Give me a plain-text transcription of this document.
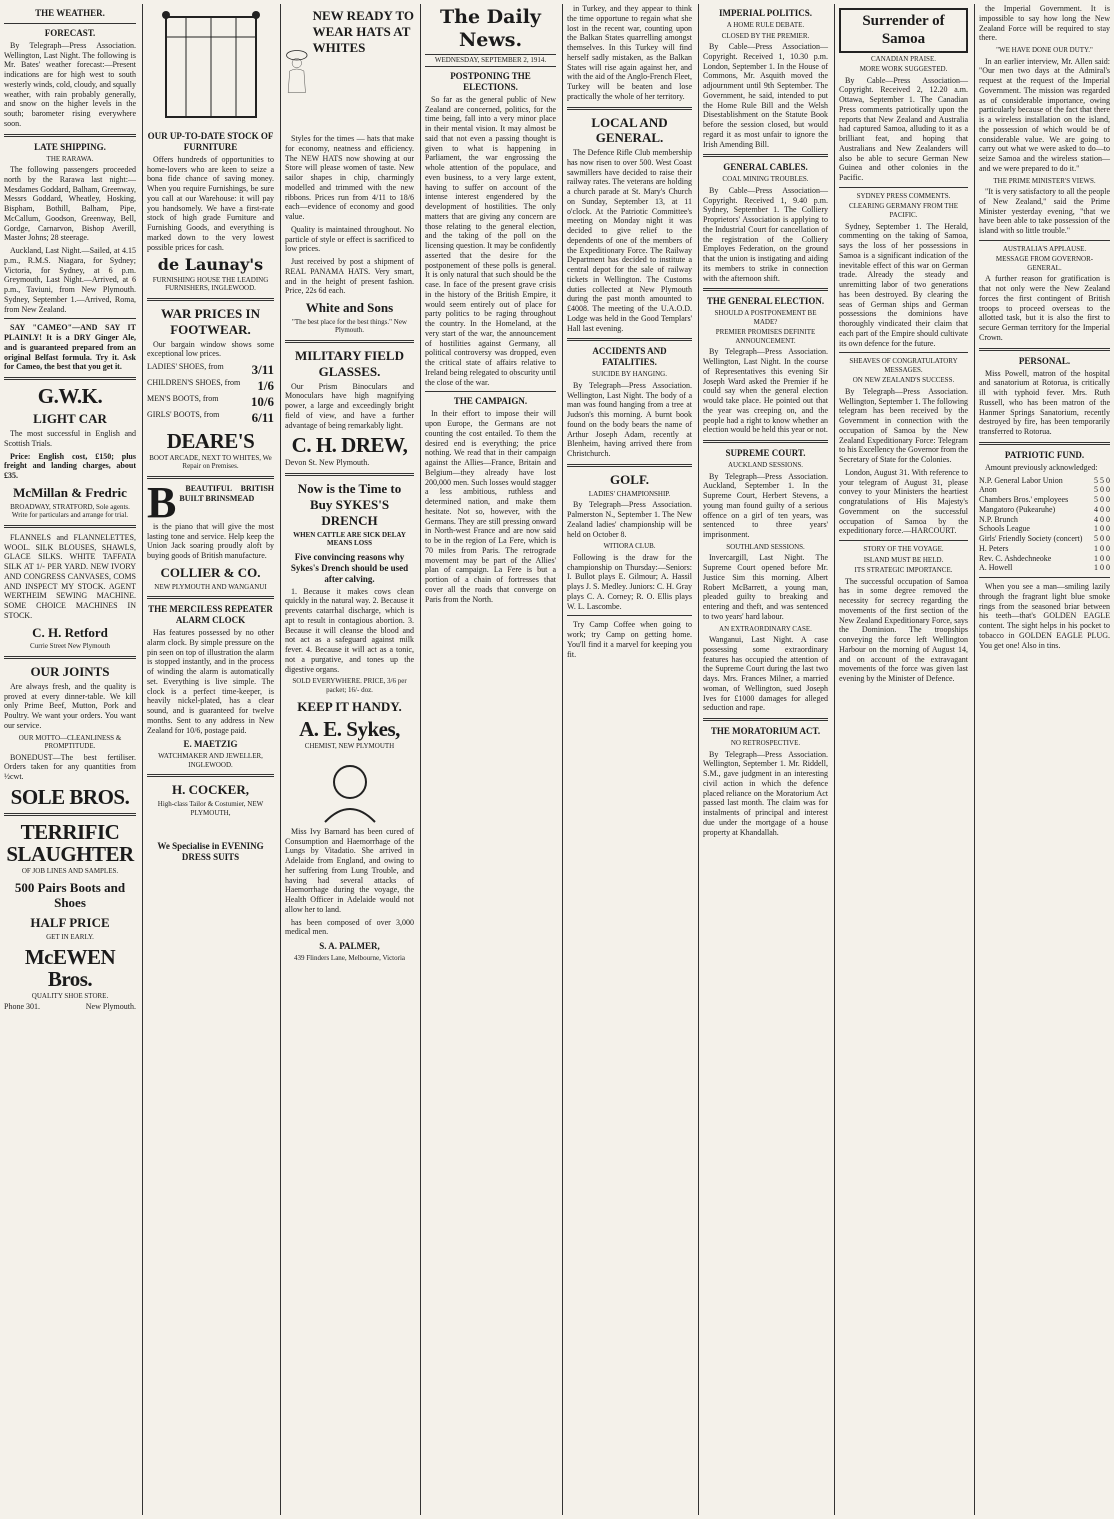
THE WEATHER.
FORECAST.
By Telegraph—Press Association. Wellington, Last Night. The following is Mr. Bates' weather forecast:—Present indications are for high west to south westerly winds, cold, cloudy, and squally weather, with rain probably generally, and snow on the higher levels in the south; barometer rising everywhere soon.
LATE SHIPPING.
THE RARAWA.
The following passengers proceeded north by the Rarawa last night:—Mesdames Goddard, Balham, Greenway, Messrs Goddard, Wheatley, Hosking, Bispham, Bothill, Balham, Pipe, McCallum, Goodson, Greenway, Bell, Gordge, Carnarvon, Bishop Averill, Master Johns; 28 steerage.
Auckland, Last Night.—Sailed, at 4.15 p.m., R.M.S. Niagara, for Sydney; Victoria, for Sydney, at 6 p.m. Greymouth, Last Night.—Arrived, at 6 p.m., Taviuni, from New Plymouth. Sydney, September 1.—Arrived, Roma, from New Zealand.
SAY "CAMEO"—AND SAY IT PLAINLY! It is a DRY Ginger Ale, and is guaranteed prepared from an original Belfast formula. Try it. Ask for Cameo, the best that you get it.
G.W.K.
LIGHT CAR
The most successful in English and Scottish Trials.
Price: English cost, £150; plus freight and landing charges, about £35.
McMillan & Fredric
BROADWAY, STRATFORD, Sole agents. Write for particulars and arrange for trial.
FLANNELS and FLANNELETTES, WOOL. SILK BLOUSES, SHAWLS, GLACE SILKS. WHITE TAFFATA SILK AT 1/- PER YARD. NEW IVORY AND CONGRESS CANVASES, COMS AND INSPECT MY STOCK. AGENT WERTHEIM SEWING MACHINE. SOME CHOICE MACHINES IN STOCK.
C. H. Retford
Currie Street New Plymouth
OUR JOINTS
Are always fresh, and the quality is proved at every dinner-table. We kill only Prime Beef, Mutton, Pork and Poultry. We want your orders. You want our service.
OUR MOTTO—CLEANLINESS & PROMPTITUDE.
BONEDUST—The best fertiliser. Orders taken for any quantities from ½cwt.
SOLE BROS.
TERRIFIC SLAUGHTER
OF JOB LINES AND SAMPLES.
500 Pairs Boots and Shoes
HALF PRICE
GET IN EARLY.
McEWEN Bros.
QUALITY SHOE STORE.
Phone 301.	New Plymouth.
OUR UP-TO-DATE STOCK OF FURNITURE
Offers hundreds of opportunities to home-lovers who are keen to seize a bona fide chance of saving money. When you require Furnishings, be sure you call at our Warehouse: it will pay you handsomely. We have a first-rate stock of high grade Furniture and Furnishing Goods, and everything is marked down to the very lowest possible prices for cash.
de Launay's
FURNISHING HOUSE THE LEADING FURNISHERS, INGLEWOOD.
WAR PRICES IN FOOTWEAR.
Our bargain window shows some exceptional low prices.
LADIES' SHOES, from 3/11
CHILDREN'S SHOES, from 1/6
MEN'S BOOTS, from 10/6
GIRLS' BOOTS, from 6/11
DEARE'S
BOOT ARCADE, NEXT TO WHITES, We Repair on Premises.
B	BEAUTIFUL BRITISH BUILT BRINSMEAD
is the piano that will give the most lasting tone and service. Help keep the Union Jack soaring proudly aloft by buying goods of British manufacture.
COLLIER & CO.
NEW PLYMOUTH AND WANGANUI
THE MERCILESS REPEATER ALARM CLOCK
Has features possessed by no other alarm clock. By simple pressure on the pin seen on top of illustration the alarm is stopped instantly, and in the process of winding the alarm is automatically set. Everything is live simple. The clock is a perfect time-keeper, is heavily nickel-plated, has a clear sound, and is guaranteed for twelve months. Sent to any address in New Zealand for 10/6, postage paid.
E. MAETZIG
WATCHMAKER AND JEWELLER, INGLEWOOD.
H. COCKER,
High-class Tailor & Costumier, NEW PLYMOUTH,
We Specialise in EVENING DRESS SUITS
NEW READY TO WEAR HATS AT WHITES
Styles for the times — hats that make for economy, neatness and efficiency. The NEW HATS now showing at our Store will please women of taste. New sailor shapes in chip, charmingly modelled and trimmed with the new ribbons. Prices run from 4/11 to 18/6 each—evidence of economy and good value.
Quality is maintained throughout. No particle of style or effect is sacrificed to low prices.
Just received by post a shipment of REAL PANAMA HATS. Very smart, and in the height of present fashion. Price, 22s 6d each.
White and Sons
"The best place for the best things." New Plymouth.
MILITARY FIELD GLASSES.
Our Prism Binoculars and Monoculars have high magnifying power, a large and exceedingly bright field of view, and have a further advantage of being remarkably light.
C. H. DREW,
Devon St. New Plymouth.
Now is the Time to Buy SYKES'S DRENCH
WHEN CATTLE ARE SICK DELAY MEANS LOSS
Five convincing reasons why Sykes's Drench should be used after calving.
1. Because it makes cows clean quickly in the natural way. 2. Because it prevents catarrhal discharge, which is apt to result in contagious abortion. 3. Because it will cleanse the blood and not act as a safeguard against milk fever. 4. Because it will act as a tonic, not a purgative, and tones up the digestive organs.
SOLD EVERYWHERE. PRICE, 3/6 per packet; 16/- doz.
KEEP IT HANDY.
A. E. Sykes,
CHEMIST, NEW PLYMOUTH
Miss Ivy Barnard has been cured of Consumption and Haemorrhage of the Lungs by Vitadatio. She arrived in Adelaide from England, and owing to her suffering from Lung Trouble, and having had several attacks of Haemorrhage during the voyage, the Health Officer in Adelaide would not allow her to land.
has been composed of over 3,000 medical men.
S. A. PALMER,
439 Flinders Lane, Melbourne, Victoria
The Daily News.
WEDNESDAY, SEPTEMBER 2, 1914.
POSTPONING THE ELECTIONS.
So far as the general public of New Zealand are concerned, politics, for the time being, fall into a very minor place in their mental vision. It may almost be said that not even a passing thought is given to what is happening in Parliament, the war engrossing the whole attention of the populace, and even business, to a very large extent, having to suffer on account of the intense interest engendered by the development of hostilities. The only matters that are giving any concern are those relating to the general election, and the taking of the poll on the licensing question. It may be confidently asserted that the desire for the postponement of these polls is general. It is only natural that such should be the case. In face of the present grave crisis in the history of the British Empire, it would seem entirely out of place for party politics to be raging throughout the country. In the Homeland, at the very start of the war, the announcement of hostilities against Germany, all political controversy was dropped, even the critical state of affairs relative to Ireland being relegated to obscurity until the close of the war.
THE CAMPAIGN.
In their effort to impose their will upon Europe, the Germans are not counting the cost entailed. To them the desired end is everything; the price nothing. We read that in their campaign against the Allies—France, Britain and Belgium—they already have lost 200,000 men. Such losses would stagger a less ambitious, ruthless and determined nation, and make them hesitate. Not so, however, with the Germans. They are still pressing onward in North-west France and are now said to be in the region of La Fere, which is 70 miles from Paris. The retrograde movement may be part of the Allies' plan of campaign. La Fere is but a portion of a chain of fortresses that cover all the roads that converge on Paris from the North.
in Turkey, and they appear to think the time opportune to regain what she lost in the recent war, counting upon the Balkan States quarrelling amongst themselves. In this Turkey will find herself sadly mistaken, as the Balkan States will rise again against her, and with the aid of the Anglo-French Fleet, Turkey will be beaten and lose practically the whole of her territory.
LOCAL AND GENERAL.
The Defence Rifle Club membership has now risen to over 500. West Coast sawmillers have decided to raise their railway rates. The veterans are holding a church parade at St. Mary's Church on Sunday, September 13, at 11 o'clock. At the Patriotic Committee's meeting on Monday night it was decided to give relief to the dependents of one of the members of the Expeditionary Force. The Railway Department has decided to institute a central depot for the sale of railway tickets in Wellington. The Customs duties collected at New Plymouth during the past month amounted to £4008. The meeting of the U.A.O.D. Lodge was held in the Good Templars' Hall last evening.
ACCIDENTS AND FATALITIES.
SUICIDE BY HANGING.
By Telegraph—Press Association. Wellington, Last Night. The body of a man was found hanging from a tree at Judson's this morning. A burnt book found on the body bears the name of Arthur Joseph Adam, recently at Blenheim, having arrived there from Christchurch.
GOLF.
LADIES' CHAMPIONSHIP.
By Telegraph—Press Association. Palmerston N., September 1. The New Zealand ladies' championship will be held on October 8.
WITIORA CLUB.
Following is the draw for the championship on Thursday:—Seniors: I. Bullot plays E. Gilmour; A. Hassil plays J. S. Medley. Juniors: C. H. Gray plays C. A. Corney; R. O. Ellis plays W. L. Lascombe.
Try Camp Coffee when going to work; try Camp on getting home. You'll find it a marvel for keeping you fit.
IMPERIAL POLITICS.
A HOME RULE DEBATE.
CLOSED BY THE PREMIER.
By Cable—Press Association—Copyright. Received 1, 10.30 p.m. London, September 1. In the House of Commons, Mr. Asquith moved the adjournment until 9th September. The Government, he said, intended to put the Home Rule Bill and the Welsh Disestablishment on the Statute Book before the session closed, but would regard it as most unfair to ignore the Irish Amending Bill.
GENERAL CABLES.
COAL MINING TROUBLES.
By Cable—Press Association—Copyright. Received 1, 9.40 p.m. Sydney, September 1. The Colliery Proprietors' Association is applying to the Industrial Court for cancellation of the registration of the Colliery Employes Federation, on the ground that the union is instigating and aiding its members to strike in connection with the afternoon shift.
THE GENERAL ELECTION.
SHOULD A POSTPONEMENT BE MADE?
PREMIER PROMISES DEFINITE ANNOUNCEMENT.
By Telegraph—Press Association. Wellington, Last Night. In the course of Representatives this evening Sir Joseph Ward asked the Premier if he could say when the general election would take place. He pointed out that the year was creeping on, and the people had a right to know whether an election would be held this year or not.
SUPREME COURT.
AUCKLAND SESSIONS.
By Telegraph—Press Association. Auckland, September 1. In the Supreme Court, Herbert Stevens, a young man found guilty of a serious offence on a girl of ten years, was sentenced to three years' imprisonment.
SOUTHLAND SESSIONS.
Invercargill, Last Night. The Supreme Court opened before Mr. Justice Sim this morning. Albert Robert McBarrett, a young man, pleaded guilty to breaking and entering and theft, and was sentenced to two years' hard labour.
AN EXTRAORDINARY CASE.
Wanganui, Last Night. A case possessing some extraordinary features has occupied the attention of the Supreme Court during the last two days. Mrs. Frances Milner, a married woman, of Wellington, sued Joseph Ives for £1000 damages for alleged seduction and rape.
THE MORATORIUM ACT.
NO RETROSPECTIVE.
By Telegraph—Press Association. Wellington, September 1. Mr. Riddell, S.M., gave judgment in an interesting civil action in which the defence placed reliance on the Moratorium Act passed last month. The claim was for instalments of principal and interest due under the mortgage of a house property at Khandallah.
Surrender of Samoa
CANADIAN PRAISE.
MORE WORK SUGGESTED.
By Cable—Press Association—Copyright. Received 2, 12.20 a.m. Ottawa, September 1. The Canadian Press comments patriotically upon the reports that New Zealand and Australia had captured Samoa, alluding to it as a brilliant feat, and hoping that Australians and New Zealanders will also be able to secure German New Guinea and other colonies in the Pacific.
SYDNEY PRESS COMMENTS.
CLEARING GERMANY FROM THE PACIFIC.
Sydney, September 1. The Herald, commenting on the taking of Samoa, says the loss of her possessions in Samoa is a significant indication of the inevitable effect of this war on German trade. Already the steady and unremitting labor of two generations has been destroyed. By clearing the seas of German ships and German possessions the dominions have thoroughly vindicated their claim that each part of the Empire should cultivate its own defence for the future.
SHEAVES OF CONGRATULATORY MESSAGES.
ON NEW ZEALAND'S SUCCESS.
By Telegraph—Press Association. Wellington, September 1. The following telegram has been received by the Government in connection with the occupation of Samoa by the New Zealand Expeditionary Force: Telegram to his Excellency the Governor from the Secretary of State for the Colonies.
London, August 31. With reference to your telegram of August 31, please convey to your Ministers the heartiest congratulations of His Majesty's Government on the successful occupation of Samoa by the expeditionary force.—HARCOURT.
STORY OF THE VOYAGE.
ISLAND MUST BE HELD.
ITS STRATEGIC IMPORTANCE.
The successful occupation of Samoa has in some degree removed the necessity for secrecy regarding the movements of the first section of the New Zealand Expeditionary Force, says the Dominion. The troopships conveying the force left Wellington Harbour on the morning of August 14, and on account of the extravagant movements of the force was given last evening by the Minister of Defence.
the Imperial Government. It is impossible to say how long the New Zealand Force will be required to stay there.
"WE HAVE DONE OUR DUTY."
In an earlier interview, Mr. Allen said: "Our men two days at the Admiral's request at the request of the Imperial Government. The mission was regarded as of considerable importance, owing particularly because of the fact that there is a wireless installation on the island, the possession of which would be of considerable value. We are going to carry out what we were asked to do—to seize Samoa and the wireless station—and we were prepared to do it."
THE PRIME MINISTER'S VIEWS.
"It is very satisfactory to all the people of New Zealand," said the Prime Minister yesterday evening, "that we have been able to take possession of the island with so little trouble."
AUSTRALIA'S APPLAUSE.
MESSAGE FROM GOVERNOR-GENERAL.
A further reason for gratification is that not only were the New Zealand forces the first contingent of British troops to proceed overseas to the allotted task, but it is also the first to secure German territory for the Imperial Crown.
PERSONAL.
Miss Powell, matron of the hospital and sanatorium at Rotorua, is critically ill with typhoid fever. Mrs. Ruth Russell, who has been matron of the Hanmer Springs Sanatorium, recently destroyed by fire, has been temporarily transferred to Rotorua.
PATRIOTIC FUND.
Amount previously acknowledged:
N.P. General Labor Union	5 5 0
Anon	5 0 0
Chambers Bros.' employees	5 0 0
Mangatoro (Pukearuhe)	4 0 0
N.P. Brunch	4 0 0
Schools League	1 0 0
Girls' Friendly Society (concert) 5 0 0
H. Peters	1 0 0
Rev. C. Ashdechneoke	1 0 0
A. Howell	1 0 0
When you see a man—smiling lazily through the fragrant light blue smoke rings from the seasoned briar between his teeth—that's GOLDEN EAGLE content. The sight helps in his pocket to tobacco in GOLDEN EAGLE PLUG. You get one! Also in tins.
